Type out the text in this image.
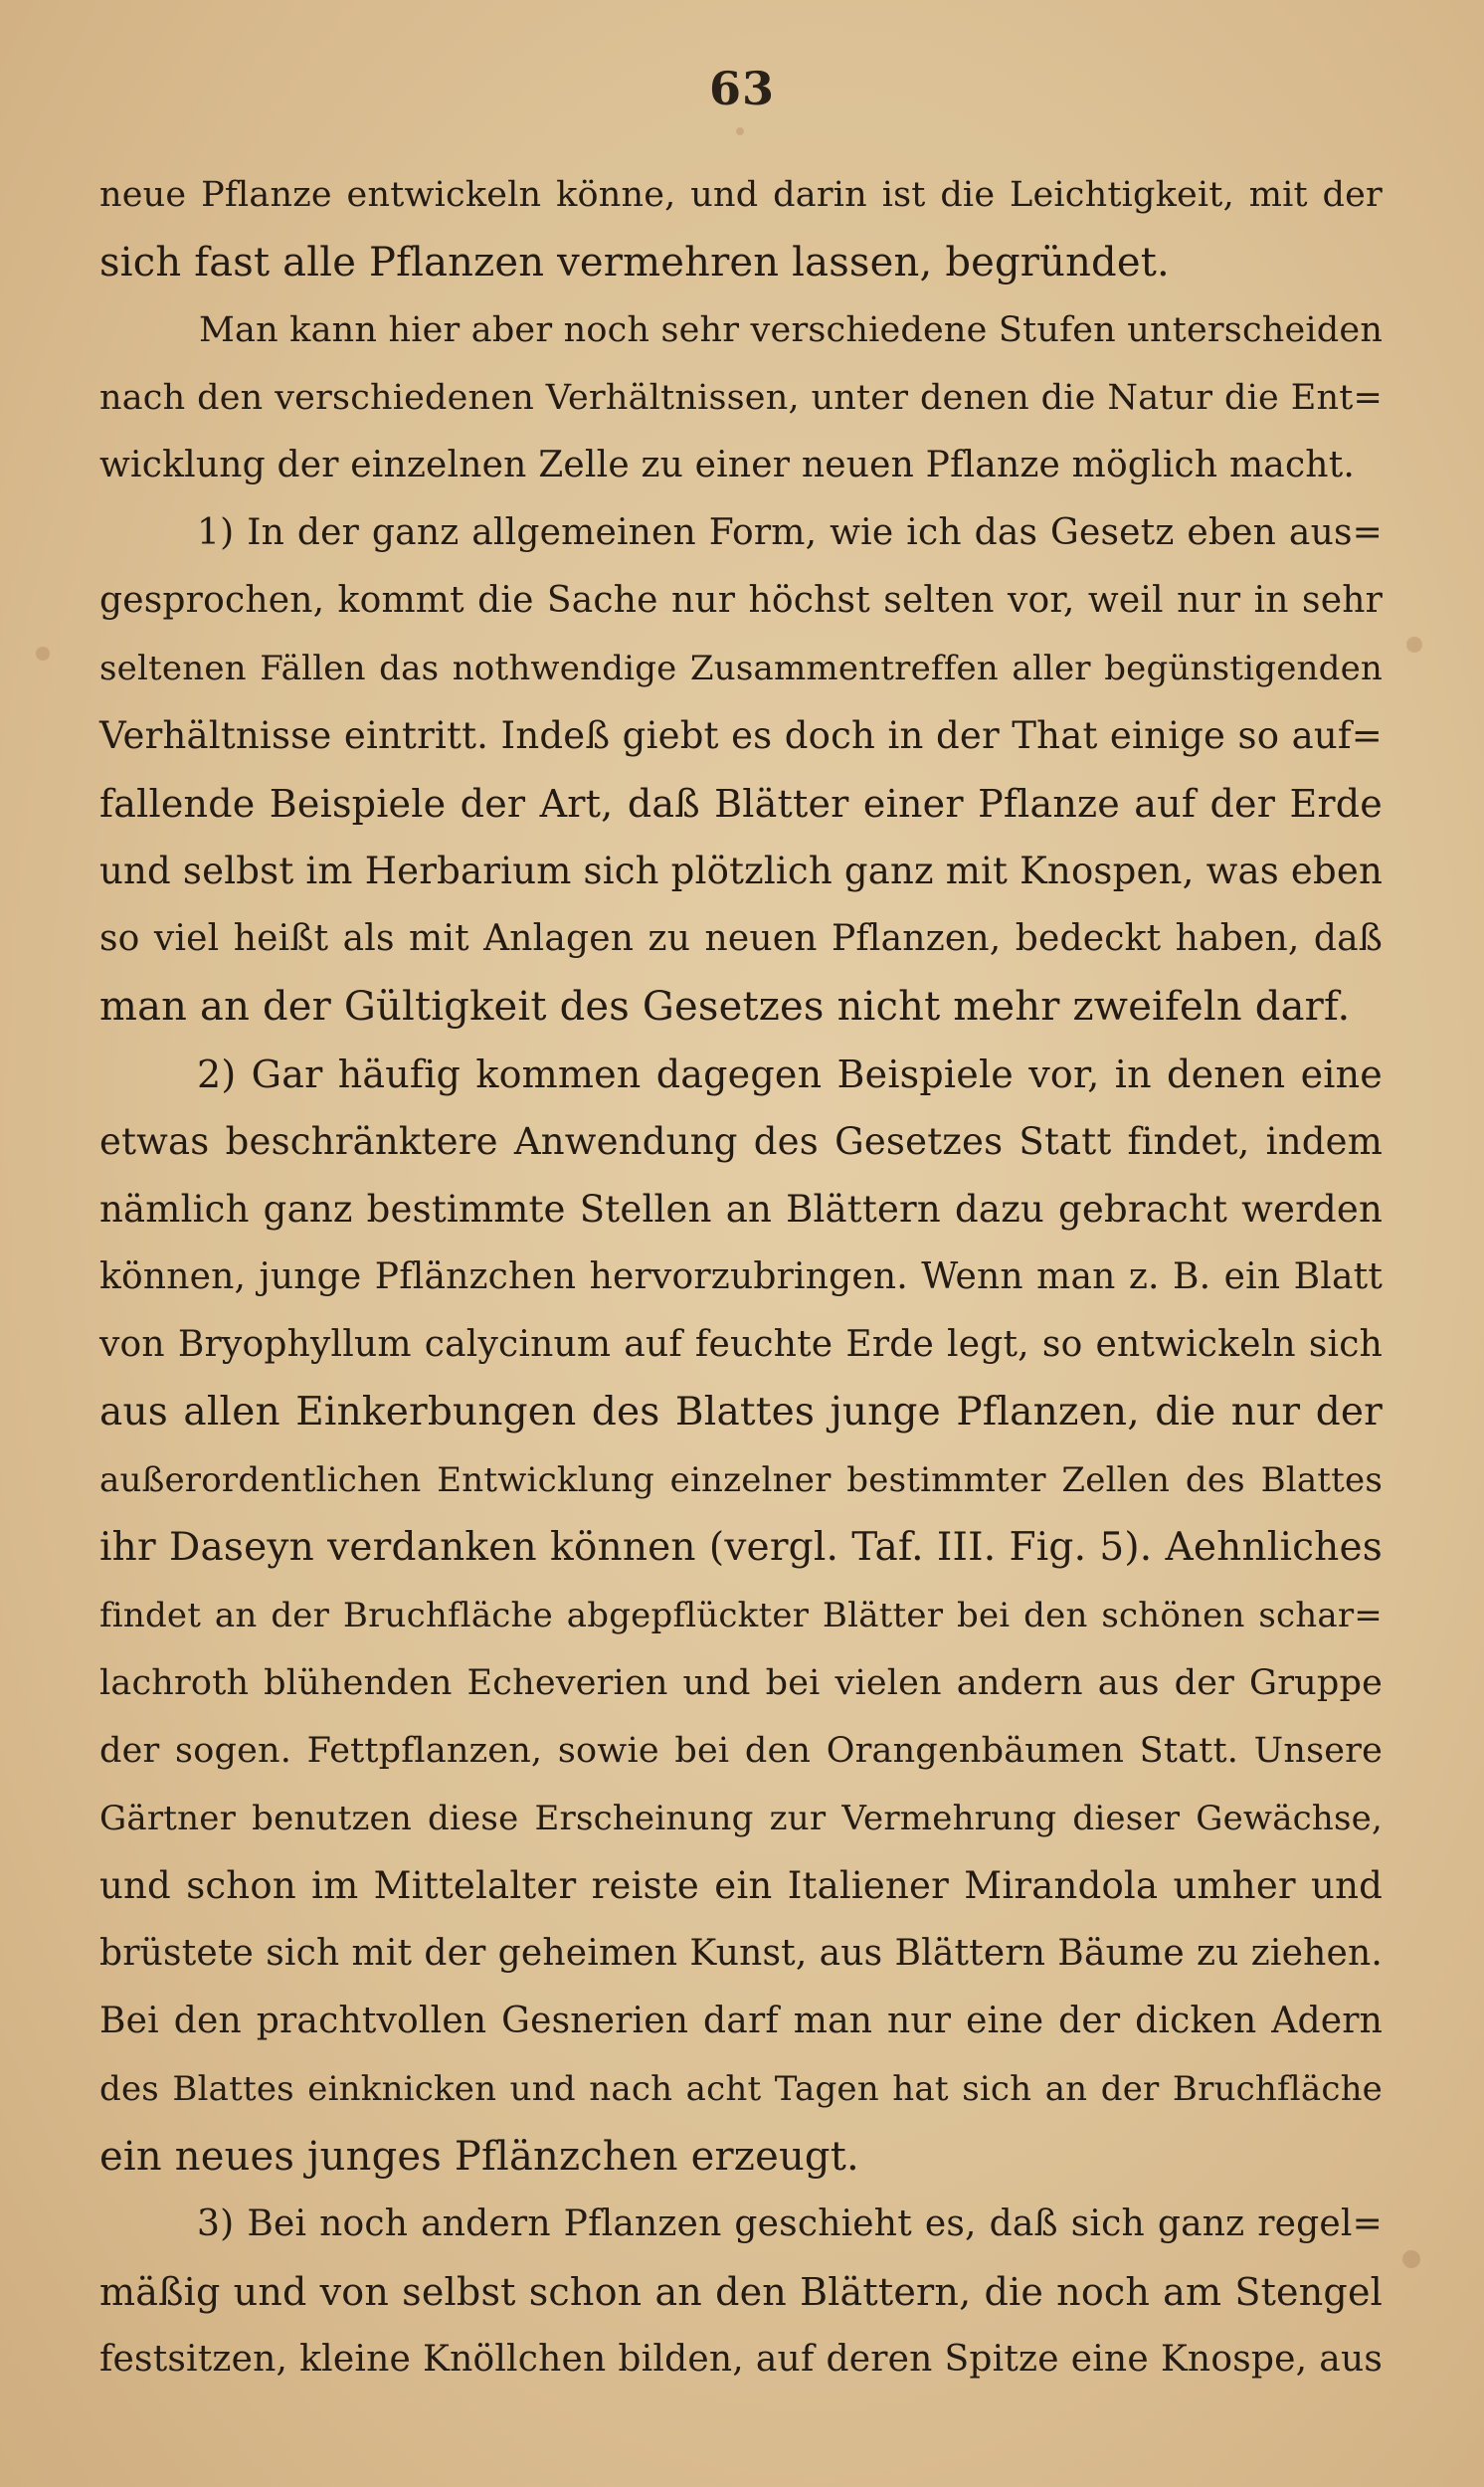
63
neue Pflanze entwickeln könne, und darin ist die Leichtigkeit, mit der
sich fast alle Pflanzen vermehren lassen, begründet.
Man kann hier aber noch sehr verschiedene Stufen unterscheiden
nach den verschiedenen Verhältnissen, unter denen die Natur die Ent=
wicklung der einzelnen Zelle zu einer neuen Pflanze möglich macht.
1) In der ganz allgemeinen Form, wie ich das Gesetz eben aus=
gesprochen, kommt die Sache nur höchst selten vor, weil nur in sehr
seltenen Fällen das nothwendige Zusammentreffen aller begünstigenden
Verhältnisse eintritt. Indeß giebt es doch in der That einige so auf=
fallende Beispiele der Art, daß Blätter einer Pflanze auf der Erde
und selbst im Herbarium sich plötzlich ganz mit Knospen, was eben
so viel heißt als mit Anlagen zu neuen Pflanzen, bedeckt haben, daß
man an der Gültigkeit des Gesetzes nicht mehr zweifeln darf.
2) Gar häufig kommen dagegen Beispiele vor, in denen eine
etwas beschränktere Anwendung des Gesetzes Statt findet, indem
nämlich ganz bestimmte Stellen an Blättern dazu gebracht werden
können, junge Pflänzchen hervorzubringen. Wenn man z. B. ein Blatt
von Bryophyllum calycinum auf feuchte Erde legt, so entwickeln sich
aus allen Einkerbungen des Blattes junge Pflanzen, die nur der
außerordentlichen Entwicklung einzelner bestimmter Zellen des Blattes
ihr Daseyn verdanken können (vergl. Taf. III. Fig. 5). Aehnliches
findet an der Bruchfläche abgepflückter Blätter bei den schönen schar=
lachroth blühenden Echeverien und bei vielen andern aus der Gruppe
der sogen. Fettpflanzen, sowie bei den Orangenbäumen Statt. Unsere
Gärtner benutzen diese Erscheinung zur Vermehrung dieser Gewächse,
und schon im Mittelalter reiste ein Italiener Mirandola umher und
brüstete sich mit der geheimen Kunst, aus Blättern Bäume zu ziehen.
Bei den prachtvollen Gesnerien darf man nur eine der dicken Adern
des Blattes einknicken und nach acht Tagen hat sich an der Bruchfläche
ein neues junges Pflänzchen erzeugt.
3) Bei noch andern Pflanzen geschieht es, daß sich ganz regel=
mäßig und von selbst schon an den Blättern, die noch am Stengel
festsitzen, kleine Knöllchen bilden, auf deren Spitze eine Knospe, aus
